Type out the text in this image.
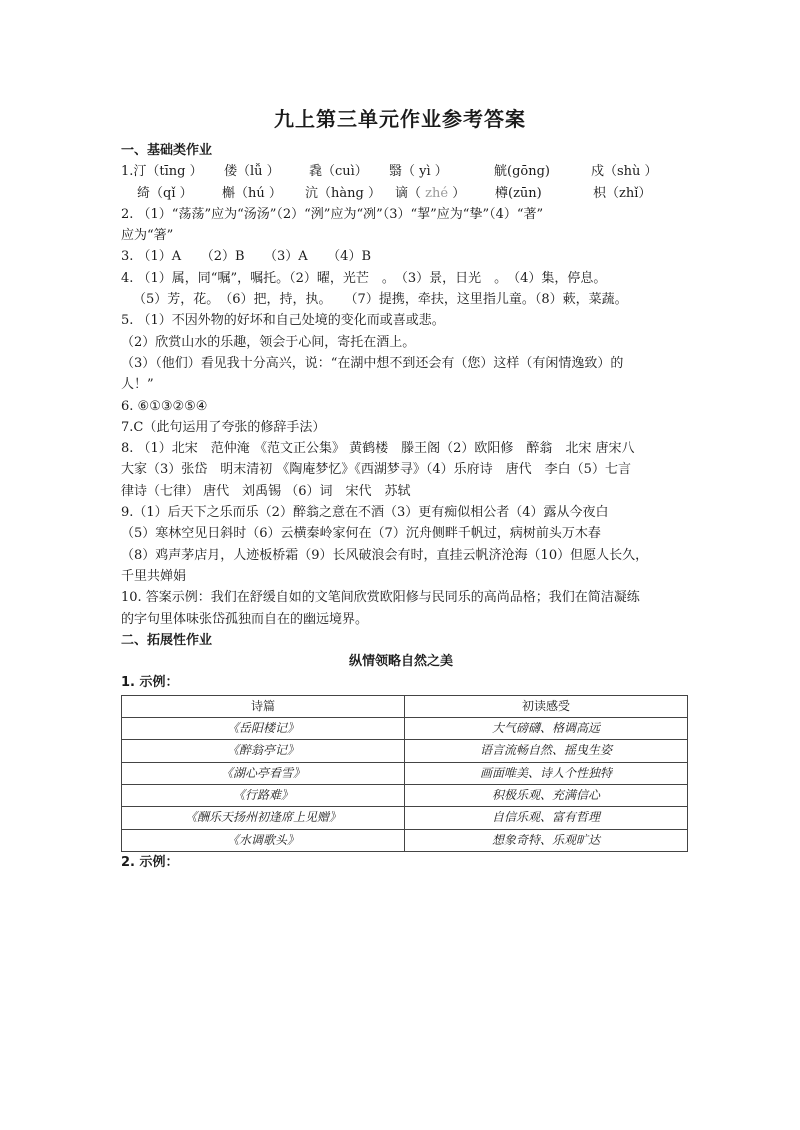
九上第三单元作业参考答案
一、基础类作业
1.汀（tīng ） 偻（lǚ ） 毳（cuì） 翳（ yì ）	觥(gōng)	戍（shù ）
绮（qǐ ） 槲（hú ） 沆（hàng ） 谪（ zhé ） 樽(zūn)	枳（zhǐ）
2. （1）“荡荡”应为“汤汤”（2）“洌”应为“冽”（3）“挈”应为“挚”（4）“著”
应为“箸”
3. （1）A　　（2）B　　（3）A　　（4）B
4. （1）属，同“嘱”，嘱托。（2）曜，光芒　。　（3）景，日光　。　（4）集，停息。
（5）芳，花。　（6）把，持，执。　　（7）提携，牵扶，这里指儿童。（8）蔌，菜蔬。
5. （1）不因外物的好坏和自己处境的变化而或喜或悲。
（2）欣赏山水的乐趣，领会于心间，寄托在酒上。
（3）（他们）看见我十分高兴，说：“在湖中想不到还会有（您）这样（有闲情逸致）的
人！”
6. ⑥①③②⑤④
7.C（此句运用了夸张的修辞手法）
8. （1）北宋　范仲淹 《范文正公集》 黄鹤楼　滕王阁（2）欧阳修　醉翁　北宋 唐宋八
大家（3）张岱　明末清初 《陶庵梦忆》《西湖梦寻》（4）乐府诗　唐代　李白（5）七言
律诗（七律） 唐代　刘禹锡 （6）词　宋代　苏轼
9.（1）后天下之乐而乐（2）醉翁之意在不酒（3）更有痴似相公者（4）露从今夜白
（5）寒林空见日斜时（6）云横秦岭家何在（7）沉舟侧畔千帆过，病树前头万木春
（8）鸡声茅店月，人迹板桥霜（9）长风破浪会有时，直挂云帆济沧海（10）但愿人长久，
千里共婵娟
10. 答案示例：我们在舒缓自如的文笔间欣赏欧阳修与民同乐的高尚品格；我们在简洁凝练
的字句里体味张岱孤独而自在的幽远境界。
二、拓展性作业
纵情领略自然之美
1. 示例：
诗篇	初读感受
《岳阳楼记》	大气磅礴、格调高远
《醉翁亭记》	语言流畅自然、摇曳生姿
《湖心亭看雪》	画面唯美、诗人个性独特
《行路难》	积极乐观、充满信心
《酬乐天扬州初逢席上见赠》	自信乐观、富有哲理
《水调歌头》	想象奇特、乐观旷达
2. 示例：
